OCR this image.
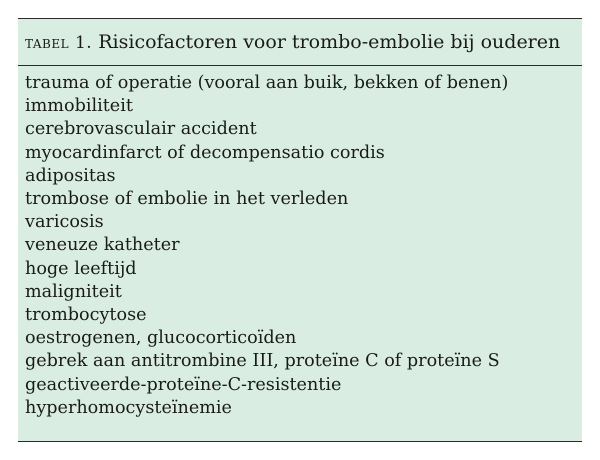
tabel 1. Risicofactoren voor trombo-embolie bij ouderen
trauma of operatie (vooral aan buik, bekken of benen)
immobiliteit
cerebrovasculair accident
myocardinfarct of decompensatio cordis
adipositas
trombose of embolie in het verleden
varicosis
veneuze katheter
hoge leeftijd
maligniteit
trombocytose
oestrogenen, glucocorticoïden
gebrek aan antitrombine III, proteïne C of proteïne S
geactiveerde-proteïne-C-resistentie
hyperhomocysteïnemie
